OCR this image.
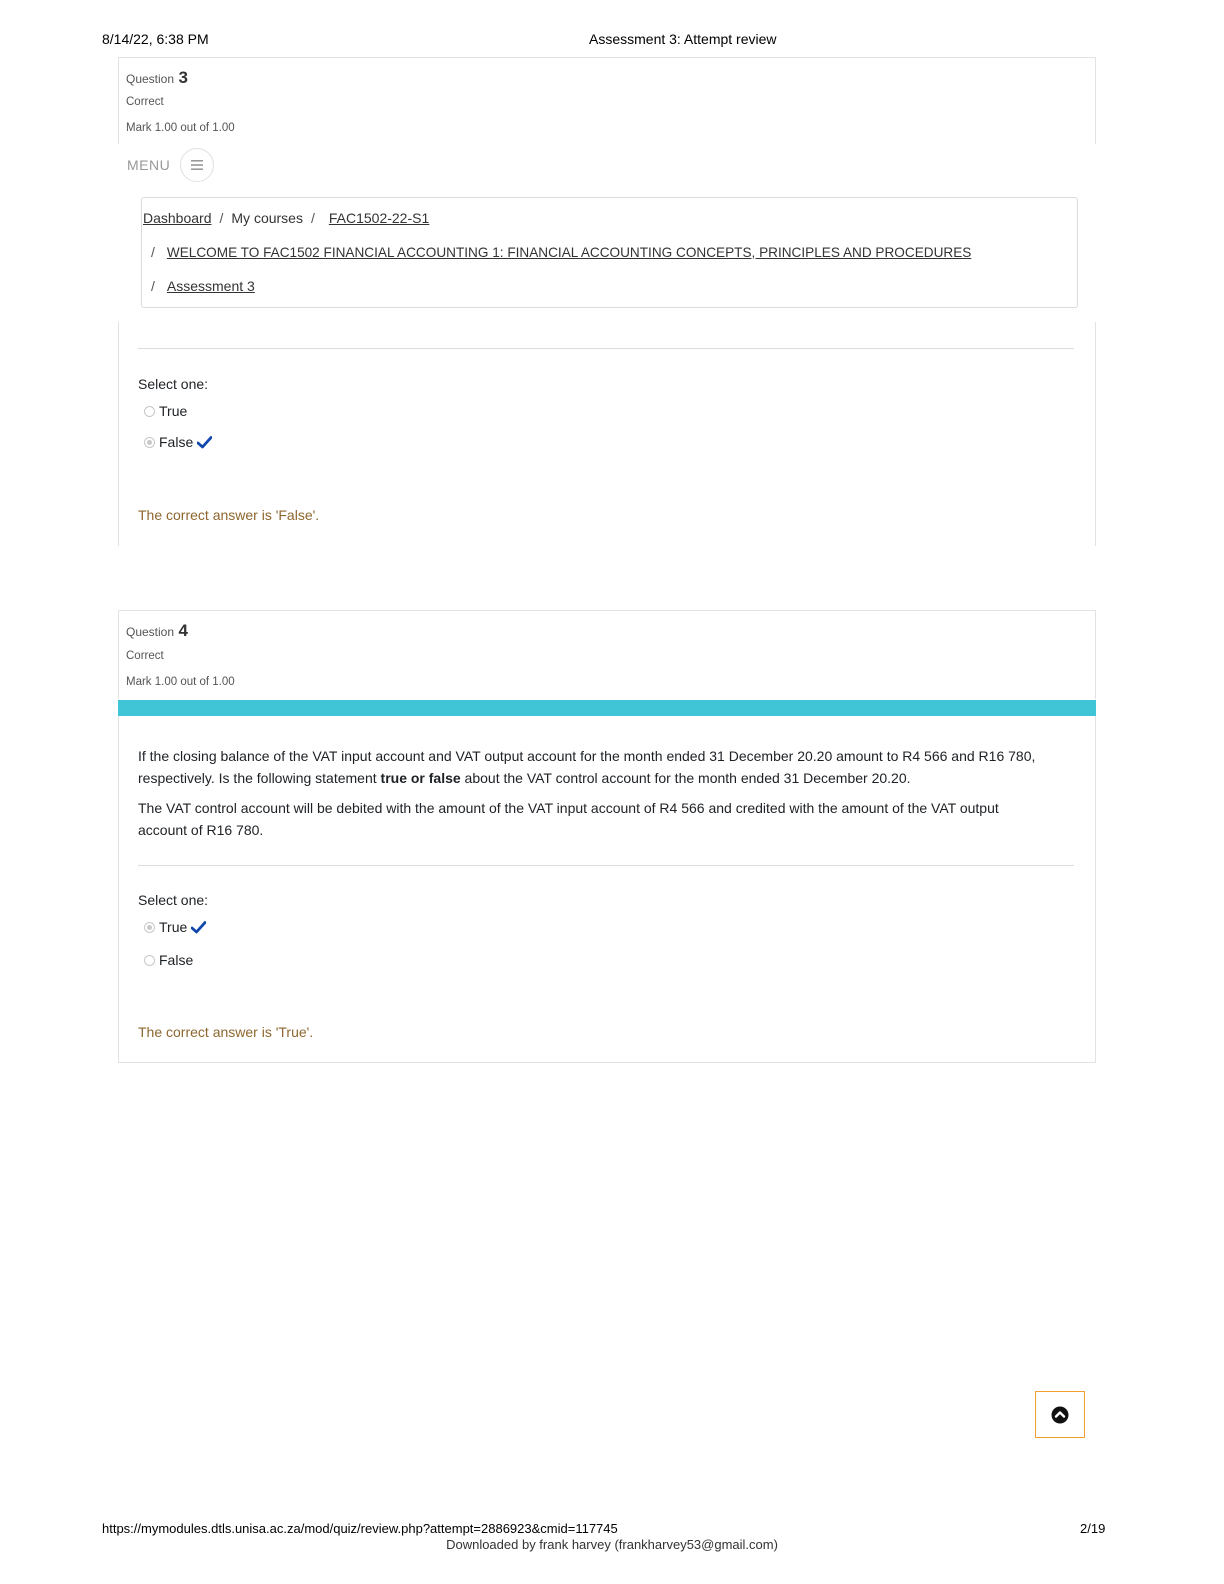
8/14/22, 6:38 PM	Assessment 3: Attempt review
Question 3
Correct
Mark 1.00 out of 1.00
MENU
Dashboard / My courses / FAC1502-22-S1
/ WELCOME TO FAC1502 FINANCIAL ACCOUNTING 1: FINANCIAL ACCOUNTING CONCEPTS, PRINCIPLES AND PROCEDURES
/ Assessment 3
Select one:
True
False
The correct answer is 'False'.
Question 4
Correct
Mark 1.00 out of 1.00
If the closing balance of the VAT input account and VAT output account for the month ended 31 December 20.20 amount to R4 566 and R16 780, respectively. Is the following statement true or false about the VAT control account for the month ended 31 December 20.20.
The VAT control account will be debited with the amount of the VAT input account of R4 566 and credited with the amount of the VAT output account of R16 780.
Select one:
True
False
The correct answer is 'True'.
https://mymodules.dtls.unisa.ac.za/mod/quiz/review.php?attempt=2886923&cmid=117745	2/19
Downloaded by frank harvey (frankharvey53@gmail.com)
